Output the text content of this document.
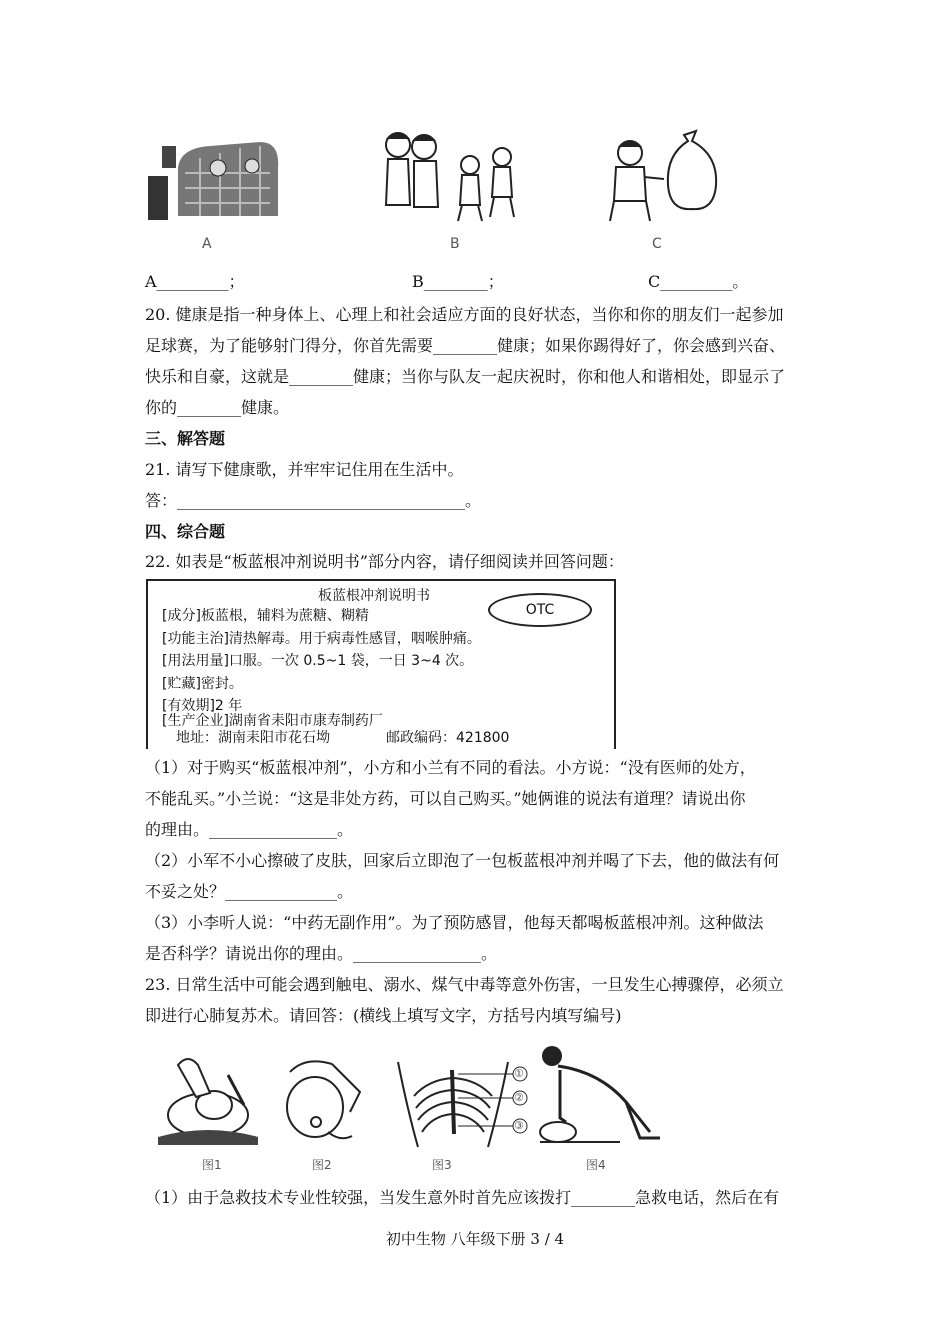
A	B	C
A_________；	B________；	C_________。
20. 健康是指一种身体上、心理上和社会适应方面的良好状态，当你和你的朋友们一起参加
足球赛，为了能够射门得分，你首先需要________健康；如果你踢得好了，你会感到兴奋、
快乐和自豪，这就是________健康；当你与队友一起庆祝时，你和他人和谐相处，即显示了
你的________健康。
三、解答题
21. 请写下健康歌，并牢牢记住用在生活中。
答：____________________________________。
四、综合题
22. 如表是“板蓝根冲剂说明书”部分内容，请仔细阅读并回答问题：
板蓝根冲剂说明书
OTC
[成分]板蓝根，辅料为蔗糖、糊精
[功能主治]清热解毒。用于病毒性感冒，咽喉肿痛。
[用法用量]口服。一次 0.5~1 袋，一日 3~4 次。
[贮藏]密封。
[有效期]2 年
[生产企业]湖南省耒阳市康寿制药厂
地址：湖南耒阳市花石坳　　　　邮政编码：421800
（1）对于购买“板蓝根冲剂”，小方和小兰有不同的看法。小方说：“没有医师的处方，
不能乱买。”小兰说：“这是非处方药，可以自己购买。”她俩谁的说法有道理？请说出你
的理由。________________。
（2）小军不小心擦破了皮肤，回家后立即泡了一包板蓝根冲剂并喝了下去，他的做法有何
不妥之处？______________。
（3）小李听人说：“中药无副作用”。为了预防感冒，他每天都喝板蓝根冲剂。这种做法
是否科学？请说出你的理由。________________。
23. 日常生活中可能会遇到触电、溺水、煤气中毒等意外伤害，一旦发生心搏骤停，必须立
即进行心肺复苏术。请回答：(横线上填写文字，方括号内填写编号)
图1	图2
①
②
③
图3	图4
（1）由于急救技术专业性较强，当发生意外时首先应该拨打________急救电话，然后在有
初中生物 八年级下册 3 / 4
